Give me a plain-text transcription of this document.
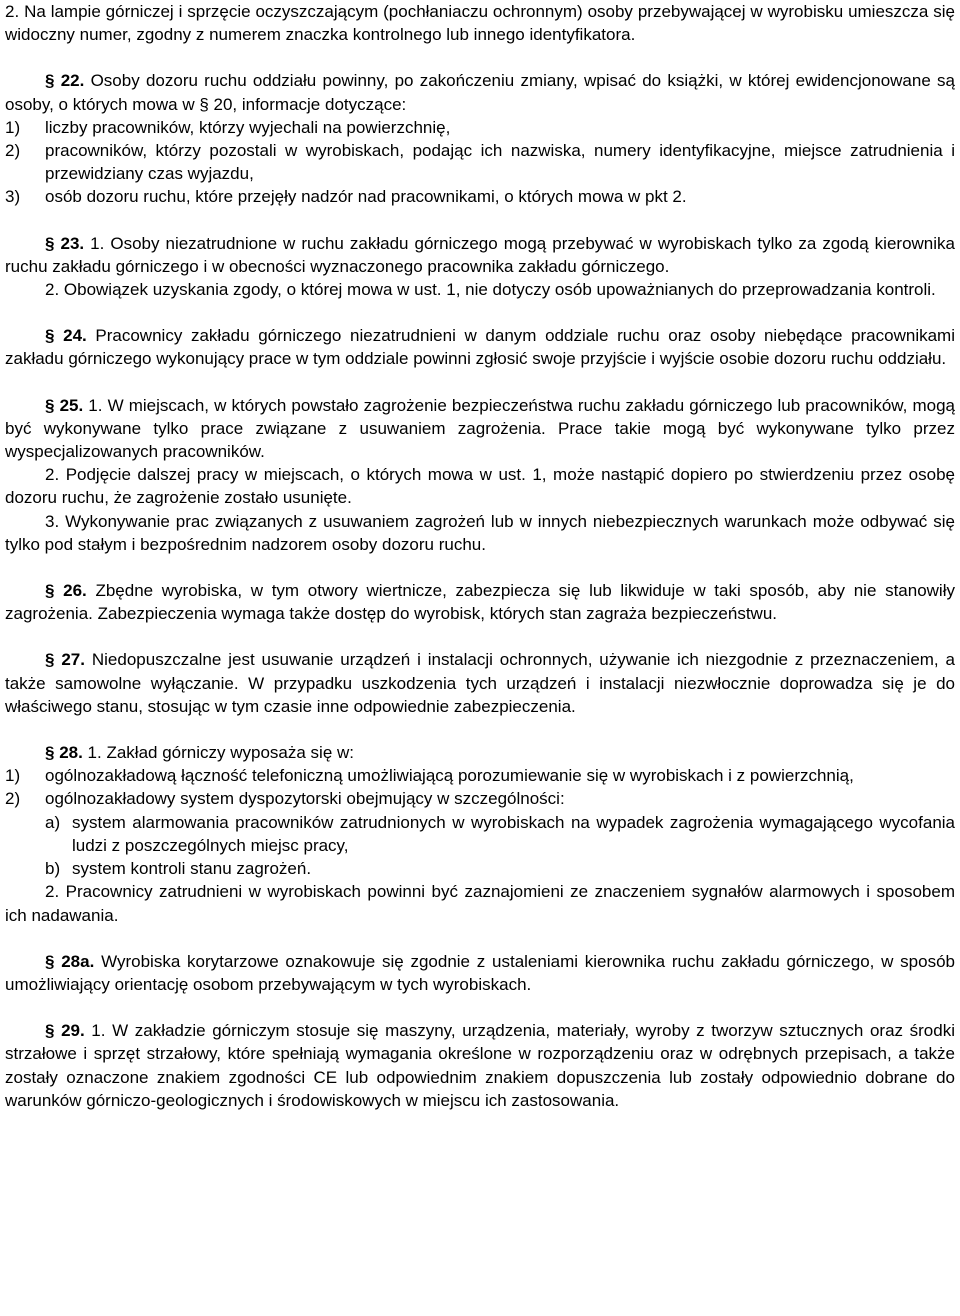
2. Na lampie górniczej i sprzęcie oczyszczającym (pochłaniaczu ochronnym) osoby przebywającej w wyrobisku umieszcza się widoczny numer, zgodny z numerem znaczka kontrolnego lub innego identyfikatora.

§ 22. Osoby dozoru ruchu oddziału powinny, po zakończeniu zmiany, wpisać do książki, w której ewidencjonowane są osoby, o których mowa w § 20, informacje dotyczące:

1)	liczby pracowników, którzy wyjechali na powierzchnię,
2)	pracowników, którzy pozostali w wyrobiskach, podając ich nazwiska, numery identyfikacyjne, miejsce zatrudnienia i przewidziany czas wyjazdu,
3)	osób dozoru ruchu, które przejęły nadzór nad pracownikami, o których mowa w pkt 2.

§ 23. 1. Osoby niezatrudnione w ruchu zakładu górniczego mogą przebywać w wyrobiskach tylko za zgodą kierownika ruchu zakładu górniczego i w obecności wyznaczonego pracownika zakładu górniczego.

2. Obowiązek uzyskania zgody, o której mowa w ust. 1, nie dotyczy osób upoważnianych do przeprowadzania kontroli.

§ 24. Pracownicy zakładu górniczego niezatrudnieni w danym oddziale ruchu oraz osoby niebędące pracownikami zakładu górniczego wykonujący prace w tym oddziale powinni zgłosić swoje przyjście i wyjście osobie dozoru ruchu oddziału.

§ 25. 1. W miejscach, w których powstało zagrożenie bezpieczeństwa ruchu zakładu górniczego lub pracowników, mogą być wykonywane tylko prace związane z usuwaniem zagrożenia. Prace takie mogą być wykonywane tylko przez wyspecjalizowanych pracowników.

2. Podjęcie dalszej pracy w miejscach, o których mowa w ust. 1, może nastąpić dopiero po stwierdzeniu przez osobę dozoru ruchu, że zagrożenie zostało usunięte.

3. Wykonywanie prac związanych z usuwaniem zagrożeń lub w innych niebezpiecznych warunkach może odbywać się tylko pod stałym i bezpośrednim nadzorem osoby dozoru ruchu.

§ 26. Zbędne wyrobiska, w tym otwory wiertnicze, zabezpiecza się lub likwiduje w taki sposób, aby nie stanowiły zagrożenia. Zabezpieczenia wymaga także dostęp do wyrobisk, których stan zagraża bezpieczeństwu.

§ 27. Niedopuszczalne jest usuwanie urządzeń i instalacji ochronnych, używanie ich niezgodnie z przeznaczeniem, a także samowolne wyłączanie. W przypadku uszkodzenia tych urządzeń i instalacji niezwłocznie doprowadza się je do właściwego stanu, stosując w tym czasie inne odpowiednie zabezpieczenia.

§ 28. 1. Zakład górniczy wyposaża się w:

1)	ogólnozakładową łączność telefoniczną umożliwiającą porozumiewanie się w wyrobiskach i z powierzchnią,
2)	ogólnozakładowy system dyspozytorski obejmujący w szczególności:
a) system alarmowania pracowników zatrudnionych w wyrobiskach na wypadek zagrożenia wymagającego wycofania ludzi z poszczególnych miejsc pracy,
b) system kontroli stanu zagrożeń.

2. Pracownicy zatrudnieni w wyrobiskach powinni być zaznajomieni ze znaczeniem sygnałów alarmowych i sposobem ich nadawania.

§ 28a. Wyrobiska korytarzowe oznakowuje się zgodnie z ustaleniami kierownika ruchu zakładu górniczego, w sposób umożliwiający orientację osobom przebywającym w tych wyrobiskach.

§ 29. 1. W zakładzie górniczym stosuje się maszyny, urządzenia, materiały, wyroby z tworzyw sztucznych oraz środki strzałowe i sprzęt strzałowy, które spełniają wymagania określone w rozporządzeniu oraz w odrębnych przepisach, a także zostały oznaczone znakiem zgodności CE lub odpowiednim znakiem dopuszczenia lub zostały odpowiednio dobrane do warunków górniczo-geologicznych i środowiskowych w miejscu ich zastosowania.
